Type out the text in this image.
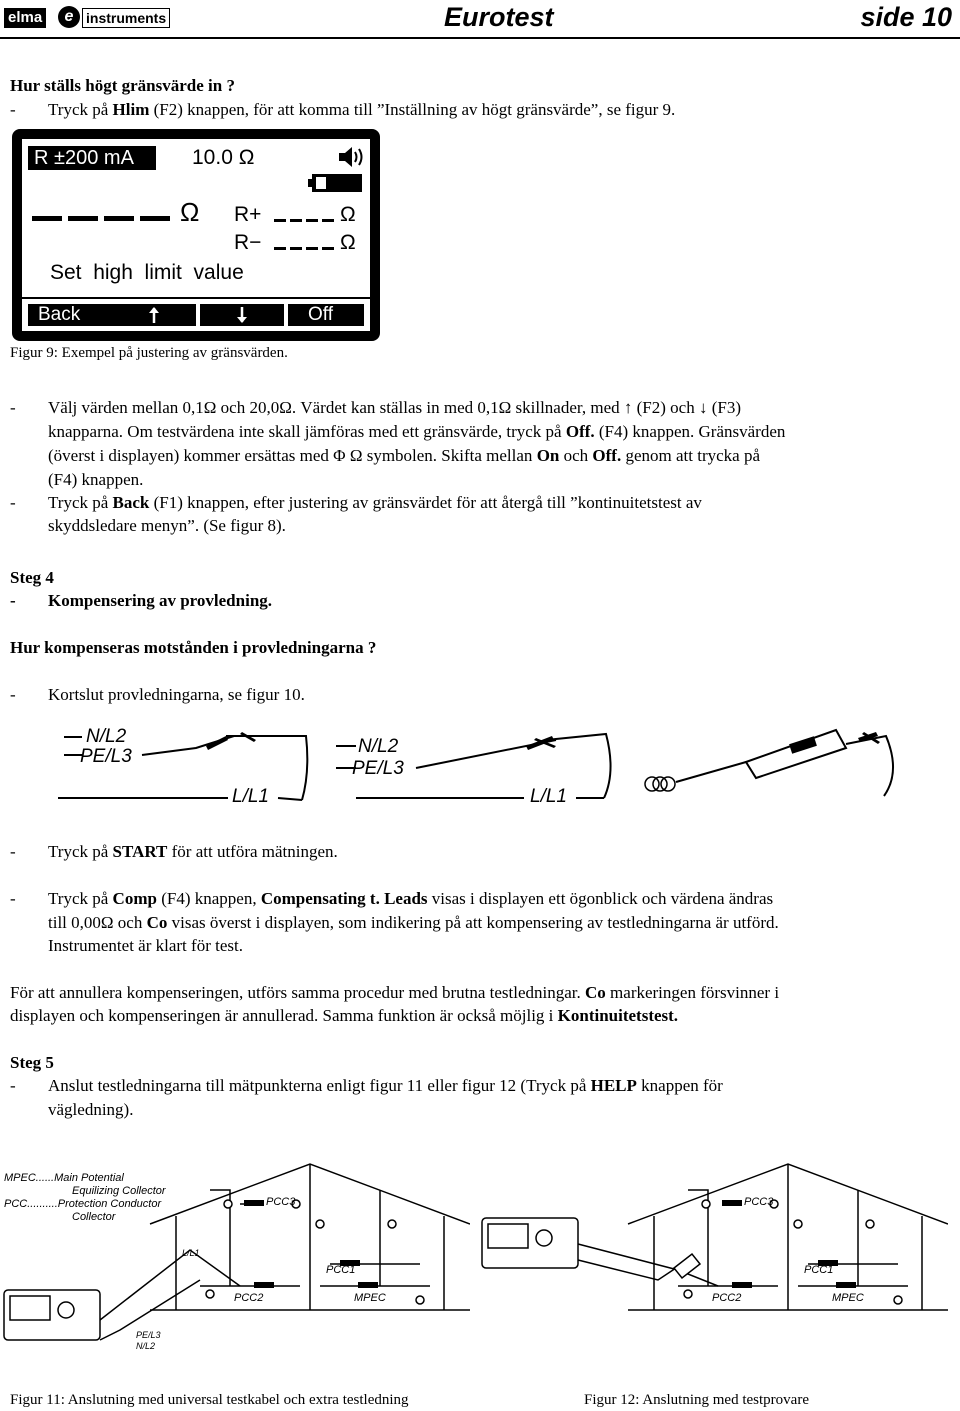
elma	e instruments	Eurotest	side 10
Hur ställs högt gränsvärde in ?
- Tryck på Hlim (F2) knappen, för att komma till ”Inställning av högt gränsvärde”, se figur 9.
R ±200 mA	10.0 Ω
Ω R+
R−
Ω
Ω
Set  high  limit  value
Back	Off
Figur 9: Exempel på justering av gränsvärden.
- Välj värden mellan 0,1Ω och 20,0Ω. Värdet kan ställas in med 0,1Ω skillnader, med ↑ (F2) och ↓ (F3)
knapparna. Om testvärdena inte skall jämföras med ett gränsvärde, tryck på Off. (F4) knappen. Gränsvärden
(överst i displayen) kommer ersättas med Φ Ω symbolen. Skifta mellan On och Off. genom att trycka på
(F4) knappen.
- Tryck på Back (F1) knappen, efter justering av gränsvärdet för att återgå till ”kontinuitetstest av
skyddsledare menyn”. (Se figur 8).
Steg 4
- Kompensering av provledning.
Hur kompenseras motstånden i provledningarna ?
- Kortslut provledningarna, se figur 10.
N/L2
PE/L3
L/L1
N/L2
PE/L3
L/L1
- Tryck på START för att utföra mätningen.
- Tryck på Comp (F4) knappen, Compensating t. Leads visas i displayen ett ögonblick och värdena ändras
till 0,00Ω och Co visas överst i displayen, som indikering på att kompensering av testledningarna är utförd.
Instrumentet är klart för test.
För att annullera kompenseringen, utförs samma procedur med brutna testledningar. Co markeringen försvinner i
displayen och kompenseringen är annullerad. Samma funktion är också möjlig i Kontinuitetstest.
Steg 5
- Anslut testledningarna till mätpunkterna enligt figur 11 eller figur 12 (Tryck på HELP knappen för
vägledning).
MPEC......Main Potential
Equilizing Collector
PCC..........Protection Conductor
Collector
PCC3
PCC1
PCC2	MPEC
L/L1
PE/L3
N/L2
PCC3
PCC1
PCC2	MPEC
Figur 11: Anslutning med universal testkabel och extra testledning	Figur 12: Anslutning med testprovare
